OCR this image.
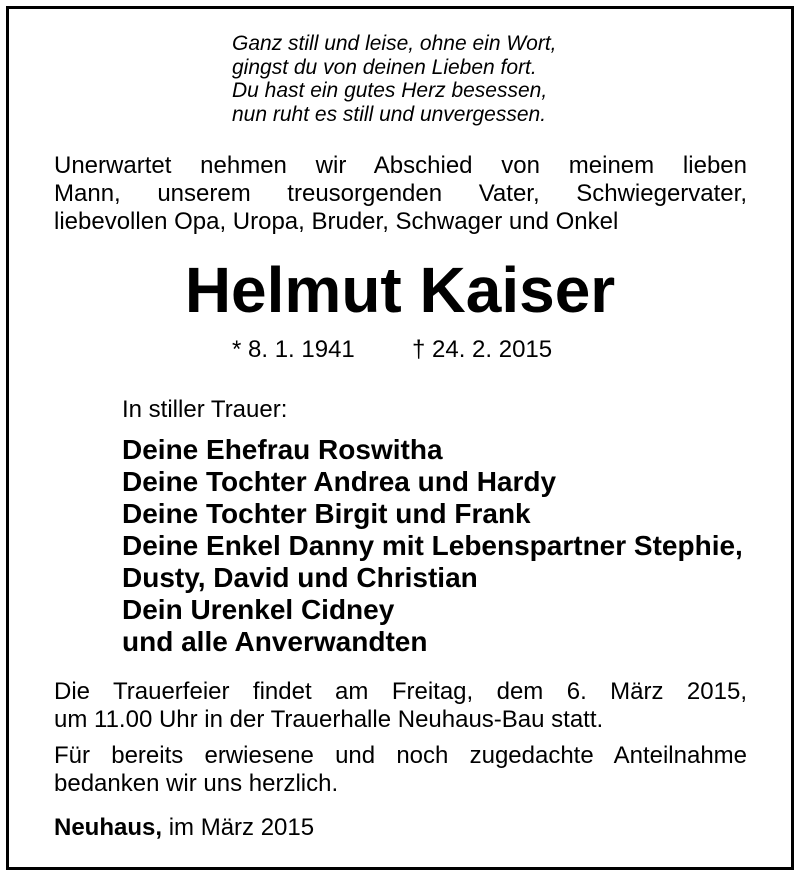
Ganz still und leise, ohne ein Wort,
gingst du von deinen Lieben fort.
Du hast ein gutes Herz besessen,
nun ruht es still und unvergessen.
Unerwartet nehmen wir Abschied von meinem lieben
Mann, unserem treusorgenden Vater, Schwiegervater,
liebevollen Opa, Uropa, Bruder, Schwager und Onkel
Helmut Kaiser
* 8. 1. 1941 † 24. 2. 2015
In stiller Trauer:
Deine Ehefrau Roswitha
Deine Tochter Andrea und Hardy
Deine Tochter Birgit und Frank
Deine Enkel Danny mit Lebenspartner Stephie,
Dusty, David und Christian
Dein Urenkel Cidney
und alle Anverwandten
Die Trauerfeier findet am Freitag, dem 6. März 2015,
um 11.00 Uhr in der Trauerhalle Neuhaus-Bau statt.
Für bereits erwiesene und noch zugedachte Anteilnahme
bedanken wir uns herzlich.
Neuhaus, im März 2015
